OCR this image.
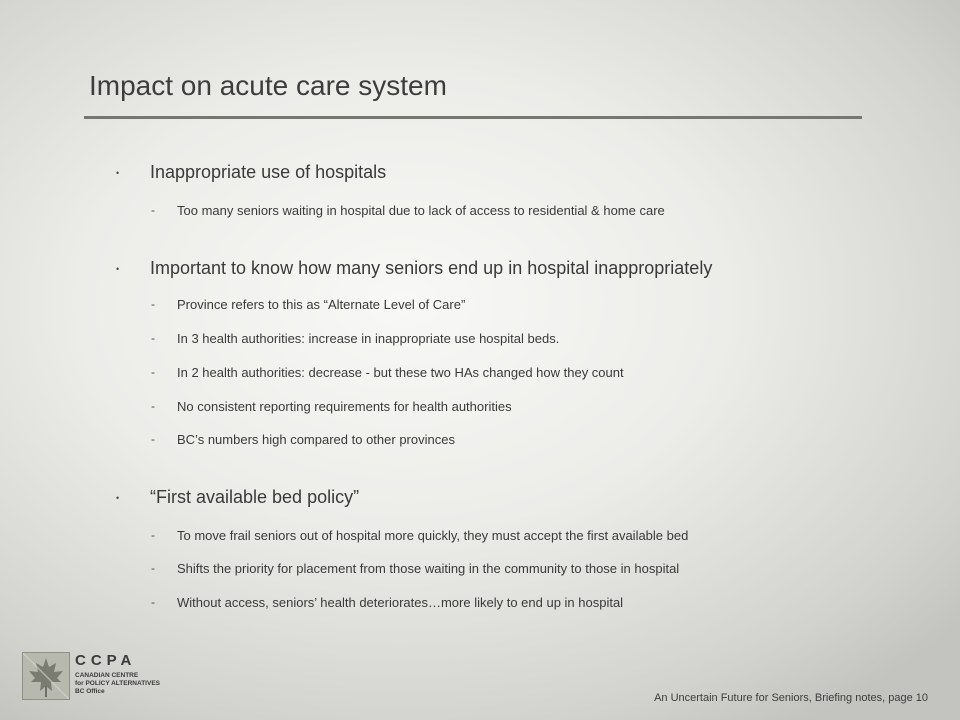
Impact on acute care system
• Inappropriate use of hospitals
- Too many seniors waiting in hospital due to lack of access to residential & home care
• Important to know how many seniors end up in hospital inappropriately
- Province refers to this as “Alternate Level of Care”
- In 3 health authorities: increase in inappropriate use hospital beds.
- In 2 health authorities: decrease - but these two HAs changed how they count
- No consistent reporting requirements for health authorities
- BC’s numbers high compared to other provinces
• “First available bed policy”
- To move frail seniors out of hospital more quickly, they must accept the first available bed
- Shifts the priority for placement from those waiting in the community to those in hospital
- Without access, seniors’ health deteriorates…more likely to end up in hospital
CCPA
CANADIAN CENTRE
for POLICY ALTERNATIVES
BC Office
An Uncertain Future for Seniors, Briefing notes, page 10
